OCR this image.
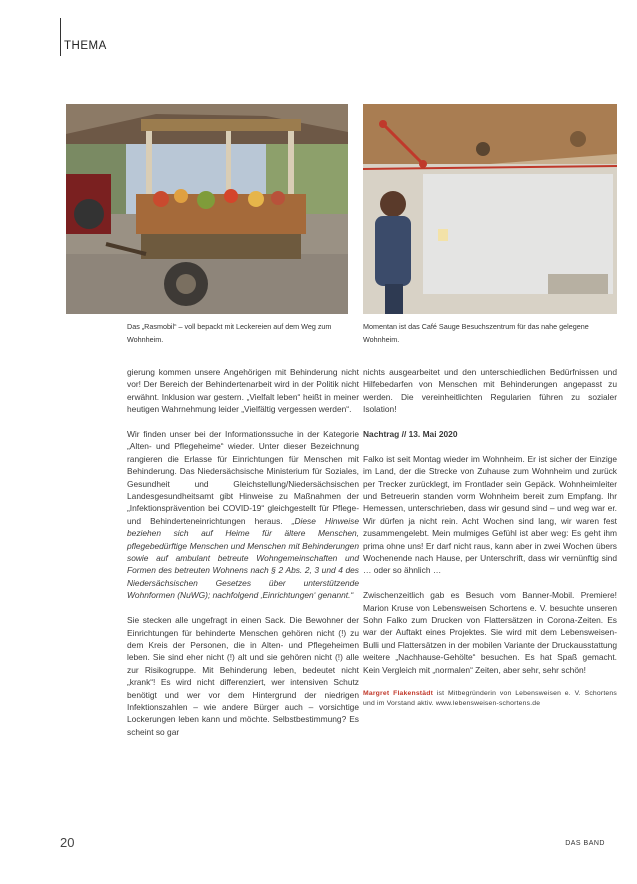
THEMA
Das „Rasmobil“ – voll bepackt mit Leckereien auf dem Weg zum Wohnheim.
Momentan ist das Café Sauge Besuchszentrum für das nahe gelegene Wohnheim.

gierung kommen unsere Angehörigen mit Behinderung nicht vor! Der Bereich der Behindertenarbeit wird in der Politik nicht erwähnt. Inklusion war gestern. „Vielfalt leben“ heißt in meiner heutigen Wahrnehmung leider „Vielfältig vergessen werden“.

Wir finden unser bei der Informationssuche in der Kategorie „Alten- und Pflegeheime“ wieder. Unter dieser Bezeichnung rangieren die Erlasse für Einrichtungen für Menschen mit Behinderung. Das Niedersächsische Ministerium für Soziales, Gesundheit und Gleichstellung/Niedersächsischen Landesgesundheitsamt gibt Hinweise zu Maßnahmen der „Infektionsprävention bei COVID-19“ gleichgestellt für Pflege- und Behinderteneinrichtungen heraus. „Diese Hinweise beziehen sich auf Heime für ältere Menschen, pflegebedürftige Menschen und Menschen mit Behinderungen sowie auf ambulant betreute Wohngemeinschaften und Formen des betreuten Wohnens nach § 2 Abs. 2, 3 und 4 des Niedersächsischen Gesetzes über unterstützende Wohnformen (NuWG); nachfolgend ‚Einrichtungen‘ genannt.“

Sie stecken alle ungefragt in einen Sack. Die Bewohner der Einrichtungen für behinderte Menschen gehören nicht (!) zu dem Kreis der Personen, die in Alten- und Pflegeheimen leben. Sie sind eher nicht (!) alt und sie gehören nicht (!) alle zur Risikogruppe. Mit Behinderung leben, bedeutet nicht „krank“! Es wird nicht differenziert, wer intensiven Schutz benötigt und wer vor dem Hintergrund der niedrigen Infektionszahlen – wie andere Bürger auch – vorsichtige Lockerungen leben kann und möchte. Selbstbestimmung? Es scheint so gar

nichts ausgearbeitet und den unterschiedlichen Bedürfnissen und Hilfebedarfen von Menschen mit Behinderungen angepasst zu werden. Die vereinheitlichten Regularien führen zu sozialer Isolation!

Nachtrag // 13. Mai 2020

Falko ist seit Montag wieder im Wohnheim. Er ist sicher der Einzige im Land, der die Strecke von Zuhause zum Wohnheim und zurück per Trecker zurücklegt, im Frontlader sein Gepäck. Wohnheimleiter und Betreuerin standen vorm Wohnheim bereit zum Empfang. Ihr Hemessen, unterschrieben, dass wir gesund sind – und weg war er. Wir dürfen ja nicht rein. Acht Wochen sind lang, wir waren fest zusammengelebt. Mein mulmiges Gefühl ist aber weg: Es geht ihm prima ohne uns! Er darf nicht raus, kann aber in zwei Wochen übers Wochenende nach Hause, per Unterschrift, dass wir vernünftig sind … oder so ähnlich …

Zwischenzeitlich gab es Besuch vom Banner-Mobil. Premiere! Marion Kruse von Lebensweisen Schortens e. V. besuchte unseren Sohn Falko zum Drucken von Flattersätzen in Corona-Zeiten. Es war der Auftakt eines Projektes. Sie wird mit dem Lebensweisen-Bulli und Flattersätzen in der mobilen Variante der Druckausstattung weitere „Nachhause-Gehölte“ besuchen. Es hat Spaß gemacht. Kein Vergleich mit „normalen“ Zeiten, aber sehr, sehr schön!

Margret Flakenstädt ist Mitbegründerin von Lebensweisen e. V. Schortens und im Vorstand aktiv. www.lebensweisen-schortens.de

20	DAS BAND
